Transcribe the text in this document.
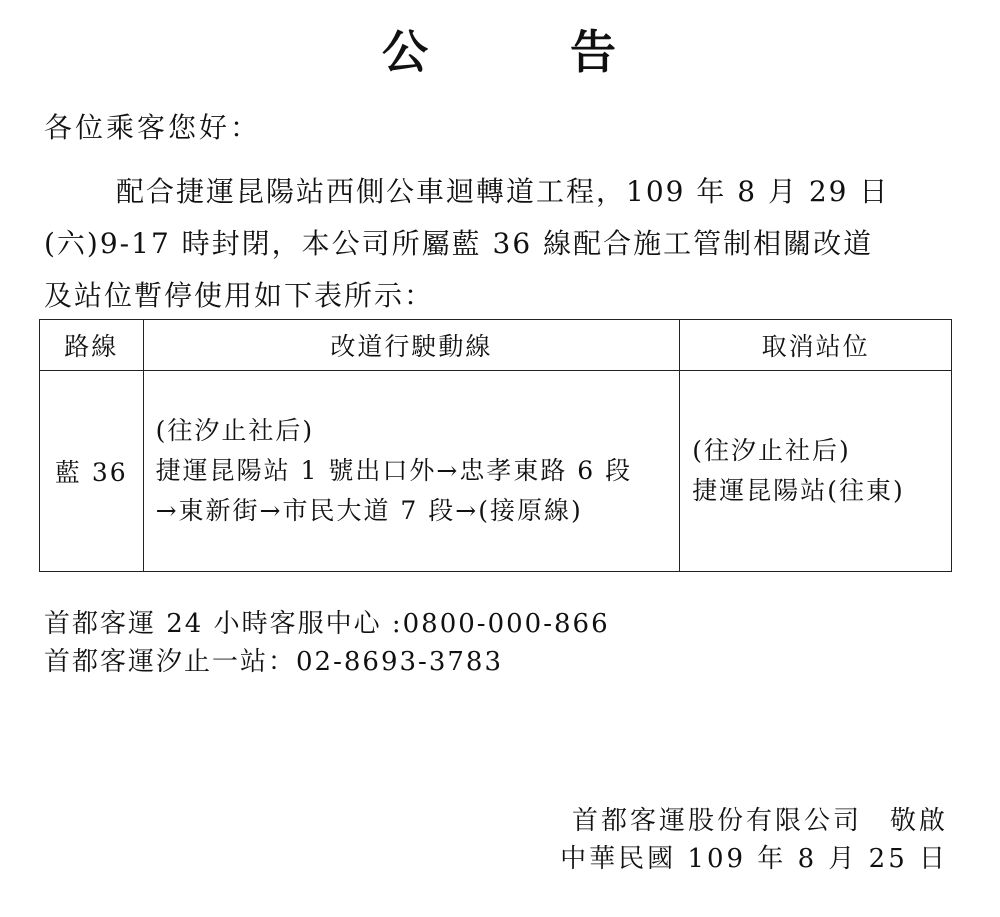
公	告
各位乘客您好：
配合捷運昆陽站西側公車迴轉道工程，109 年 8 月 29 日
(六)9-17 時封閉，本公司所屬藍 36 線配合施工管制相關改道
及站位暫停使用如下表所示：
路線	改道行駛動線	取消站位
藍 36	(往汐止社后)
捷運昆陽站 1 號出口外→忠孝東路 6 段
→東新街→市民大道 7 段→(接原線)	(往汐止社后)
捷運昆陽站(往東)
首都客運 24 小時客服中心 :0800-000-866
首都客運汐止一站：02-8693-3783
首都客運股份有限公司 敬啟
中華民國 109 年 8 月 25 日
